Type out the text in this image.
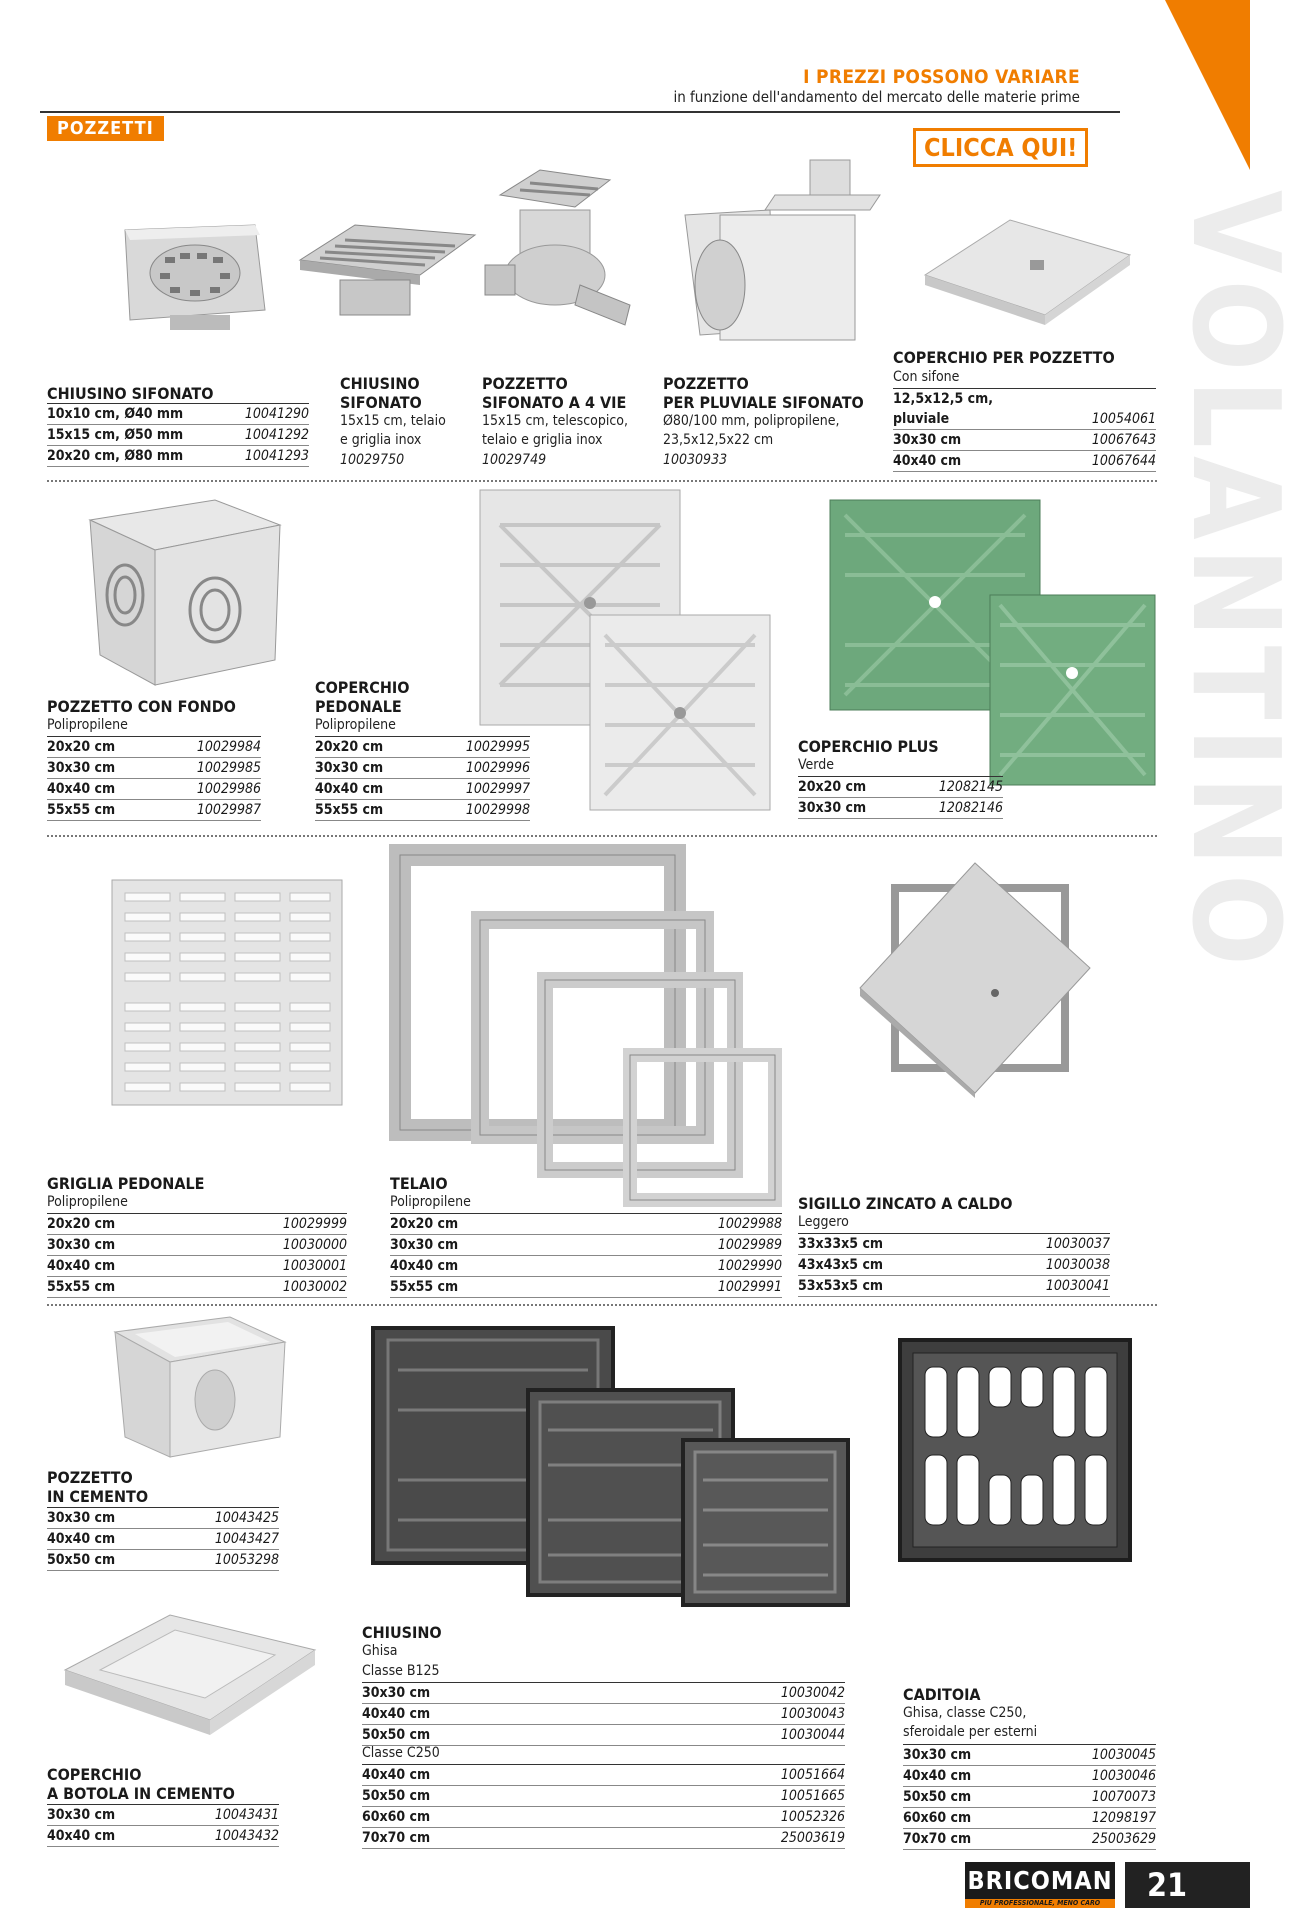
VOLANTINO
I PREZZI POSSONO VARIARE
in funzione dell'andamento del mercato delle materie prime
POZZETTI
CLICCA QUI!
CHIUSINO SIFONATO
10x10 cm, Ø40 mm	10041290
15x15 cm, Ø50 mm	10041292
20x20 cm, Ø80 mm	10041293
CHIUSINO
SIFONATO
15x15 cm, telaio
e griglia inox
10029750
POZZETTO
SIFONATO A 4 VIE
15x15 cm, telescopico,
telaio e griglia inox
10029749
POZZETTO
PER PLUVIALE SIFONATO
Ø80/100 mm, polipropilene,
23,5x12,5x22 cm
10030933
COPERCHIO PER POZZETTO
Con sifone
12,5x12,5 cm,	
pluviale	10054061
30x30 cm	10067643
40x40 cm	10067644
POZZETTO CON FONDO
Polipropilene
20x20 cm	10029984
30x30 cm	10029985
40x40 cm	10029986
55x55 cm	10029987
COPERCHIO
PEDONALE
Polipropilene
20x20 cm	10029995
30x30 cm	10029996
40x40 cm	10029997
55x55 cm	10029998
COPERCHIO PLUS
Verde
20x20 cm	12082145
30x30 cm	12082146
GRIGLIA PEDONALE
Polipropilene
20x20 cm	10029999
30x30 cm	10030000
40x40 cm	10030001
55x55 cm	10030002
TELAIO
Polipropilene
20x20 cm	10029988
30x30 cm	10029989
40x40 cm	10029990
55x55 cm	10029991
SIGILLO ZINCATO A CALDO
Leggero
33x33x5 cm	10030037
43x43x5 cm	10030038
53x53x5 cm	10030041
POZZETTO
IN CEMENTO
30x30 cm	10043425
40x40 cm	10043427
50x50 cm	10053298
COPERCHIO
A BOTOLA IN CEMENTO
30x30 cm	10043431
40x40 cm	10043432
CHIUSINO
Ghisa
Classe B125
30x30 cm	10030042
40x40 cm	10030043
50x50 cm	10030044
Classe C250
40x40 cm	10051664
50x50 cm	10051665
60x60 cm	10052326
70x70 cm	25003619
CADITOIA
Ghisa, classe C250,
sferoidale per esterni
30x30 cm	10030045
40x40 cm	10030046
50x50 cm	10070073
60x60 cm	12098197
70x70 cm	25003629
BRICOMAN
PIÙ PROFESSIONALE, MENO CARO	21
